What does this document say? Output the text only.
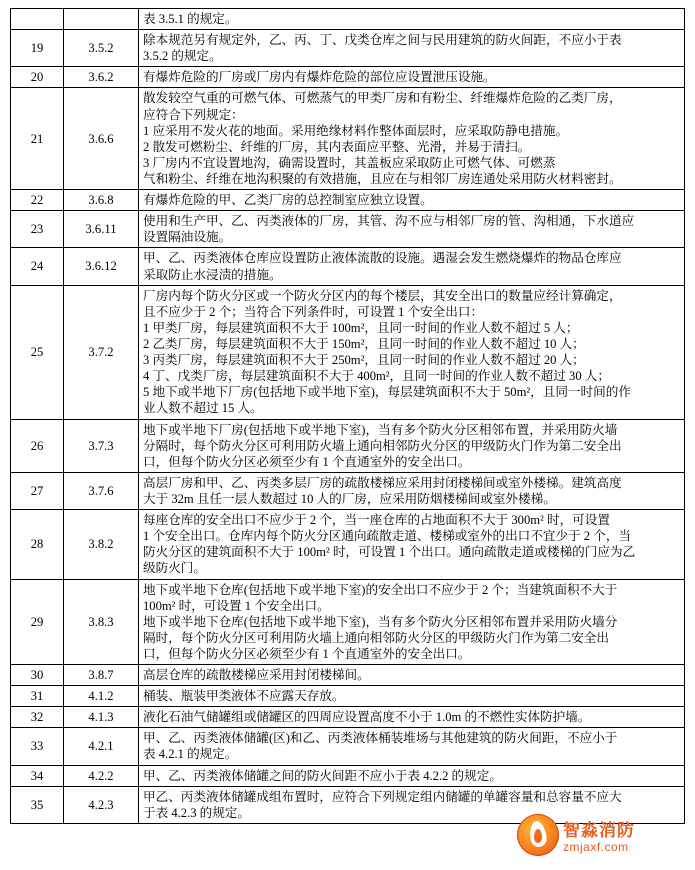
		表 3.5.1 的规定。

19	3.5.2	除本规范另有规定外，乙、丙、丁、戊类仓库之间与民用建筑的防火间距，不应小于表
3.5.2 的规定。

20	3.6.2	有爆炸危险的厂房或厂房内有爆炸危险的部位应设置泄压设施。

21	3.6.6	
散发较空气重的可燃气体、可燃蒸气的甲类厂房和有粉尘、纤维爆炸危险的乙类厂房，
应符合下列规定：
1 应采用不发火花的地面。采用绝缘材料作整体面层时，应采取防静电措施。
2 散发可燃粉尘、纤维的厂房，其内表面应平整、光滑，并易于清扫。
3 厂房内不宜设置地沟，确需设置时，其盖板应采取防止可燃气体、可燃蒸
气和粉尘、纤维在地沟积聚的有效措施，且应在与相邻厂房连通处采用防火材料密封。

22	3.6.8	有爆炸危险的甲、乙类厂房的总控制室应独立设置。

23	3.6.11	使用和生产甲、乙、丙类液体的厂房，其管、沟不应与相邻厂房的管、沟相通，下水道应
设置隔油设施。

24	3.6.12	甲、乙、丙类液体仓库应设置防止液体流散的设施。遇湿会发生燃烧爆炸的物品仓库应
采取防止水浸渍的措施。

25	3.7.2	
厂房内每个防火分区或一个防火分区内的每个楼层，其安全出口的数量应经计算确定，
且不应少于 2 个；当符合下列条件时，可设置 1 个安全出口：
1 甲类厂房，每层建筑面积不大于 100m²，且同一时间的作业人数不超过 5 人；
2 乙类厂房，每层建筑面积不大于 150m²，且同一时间的作业人数不超过 10 人；
3 丙类厂房，每层建筑面积不大于 250m²，且同一时间的作业人数不超过 20 人；
4 丁、戊类厂房，每层建筑面积不大于 400m²，且同一时间的作业人数不超过 30 人；
5 地下或半地下厂房(包括地下或半地下室)，每层建筑面积不大于 50m²，且同一时间的作
业人数不超过 15 人。

26	3.7.3	地下或半地下厂房(包括地下或半地下室)，当有多个防火分区相邻布置，并采用防火墙
分隔时，每个防火分区可利用防火墙上通向相邻防火分区的甲级防火门作为第二安全出
口，但每个防火分区必须至少有 1 个直通室外的安全出口。

27	3.7.6	高层厂房和甲、乙、丙类多层厂房的疏散楼梯应采用封闭楼梯间或室外楼梯。建筑高度
大于 32m 且任一层人数超过 10 人的厂房，应采用防烟楼梯间或室外楼梯。

28	3.8.2	每座仓库的安全出口不应少于 2 个，当一座仓库的占地面积不大于 300m² 时，可设置
1 个安全出口。仓库内每个防火分区通向疏散走道、楼梯或室外的出口不宜少于 2 个，当
防火分区的建筑面积不大于 100m² 时，可设置 1 个出口。通向疏散走道或楼梯的门应为乙
级防火门。

29	3.8.3	地下或半地下仓库(包括地下或半地下室)的安全出口不应少于 2 个；当建筑面积不大于
100m² 时，可设置 1 个安全出口。
地下或半地下仓库(包括地下或半地下室)，当有多个防火分区相邻布置并采用防火墙分
隔时，每个防火分区可利用防火墙上通向相邻防火分区的甲级防火门作为第二安全出
口，但每个防火分区必须至少有 1 个直通室外的安全出口。

30	3.8.7	高层仓库的疏散楼梯应采用封闭楼梯间。

31	4.1.2	桶装、瓶装甲类液体不应露天存放。

32	4.1.3	液化石油气储罐组或储罐区的四周应设置高度不小于 1.0m 的不燃性实体防护墙。

33	4.2.1	甲、乙、丙类液体储罐(区)和乙、丙类液体桶装堆场与其他建筑的防火间距，不应小于
表 4.2.1 的规定。

34	4.2.2	甲、乙、丙类液体储罐之间的防火间距不应小于表 4.2.2 的规定。

35	4.2.3	甲乙、丙类液体储罐成组布置时，应符合下列规定组内储罐的单罐容量和总容量不应大
于表 4.2.3 的规定。
智淼消防
zmjaxf.com
